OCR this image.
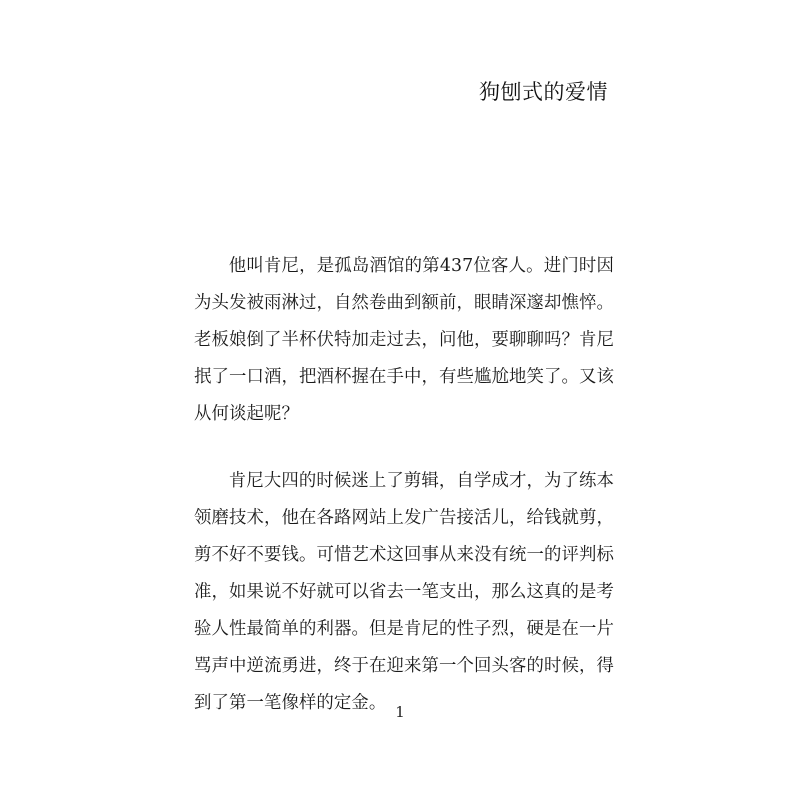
狗刨式的爱情

他叫肯尼，是孤岛酒馆的第437位客人。进门时因为头发被雨淋过，自然卷曲到额前，眼睛深邃却憔悴。老板娘倒了半杯伏特加走过去，问他，要聊聊吗？肯尼抿了一口酒，把酒杯握在手中，有些尴尬地笑了。又该从何谈起呢？

肯尼大四的时候迷上了剪辑，自学成才，为了练本领磨技术，他在各路网站上发广告接活儿，给钱就剪，剪不好不要钱。可惜艺术这回事从来没有统一的评判标准，如果说不好就可以省去一笔支出，那么这真的是考验人性最简单的利器。但是肯尼的性子烈，硬是在一片骂声中逆流勇进，终于在迎来第一个回头客的时候，得到了第一笔像样的定金。 1
